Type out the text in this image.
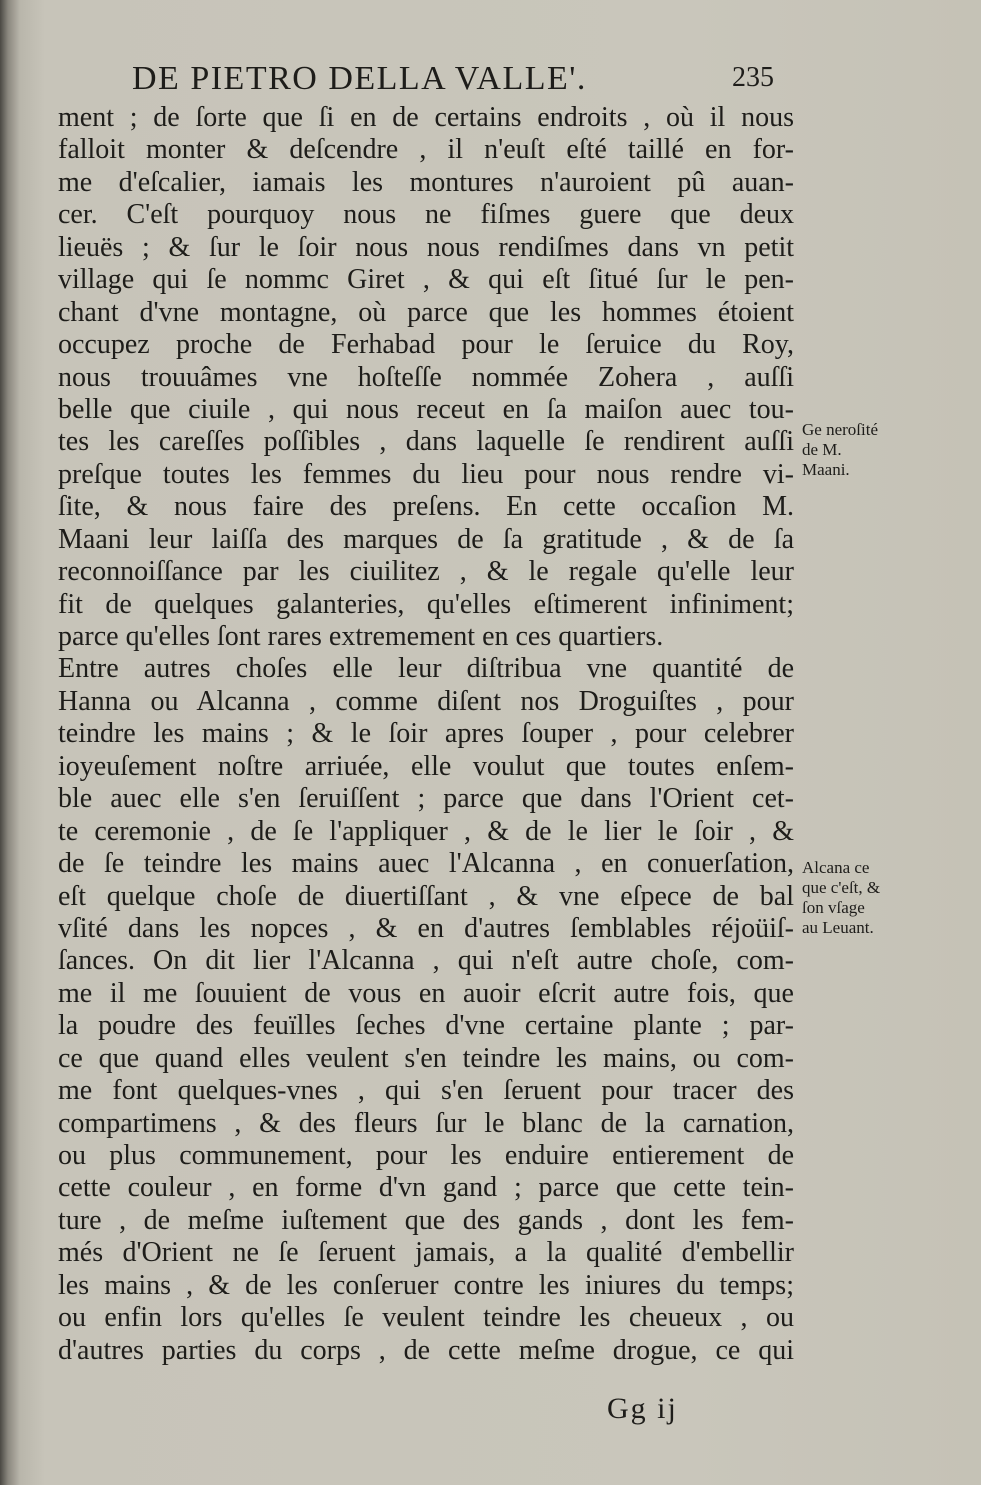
DE PIETRO DELLA VALLE'.	235
ment ; de ſorte que ſi en de certains endroits , où il nous
falloit monter & deſcendre , il n'euſt eſté taillé en for-
me d'eſcalier, iamais les montures n'auroient pû auan-
cer. C'eſt pourquoy nous ne fiſmes guere que deux
lieuës ; & ſur le ſoir nous nous rendiſmes dans vn petit
village qui ſe nommc Giret , & qui eſt ſitué ſur le pen-
chant d'vne montagne, où parce que les hommes étoient
occupez proche de Ferhabad pour le ſeruice du Roy,
nous trouuâmes vne hoſteſſe nommée Zohera , auſſi
belle que ciuile , qui nous receut en ſa maiſon auec tou-
tes les careſſes poſſibles , dans laquelle ſe rendirent auſſi
preſque toutes les femmes du lieu pour nous rendre vi-
ſite, & nous faire des preſens. En cette occaſion M.
Maani leur laiſſa des marques de ſa gratitude , & de ſa
reconnoiſſance par les ciuilitez , & le regale qu'elle leur
fit de quelques galanteries, qu'elles eſtimerent infiniment;
parce qu'elles ſont rares extremement en ces quartiers.
Entre autres choſes elle leur diſtribua vne quantité de
Hanna ou Alcanna , comme diſent nos Droguiſtes , pour
teindre les mains ; & le ſoir apres ſouper , pour celebrer
ioyeuſement noſtre arriuée, elle voulut que toutes enſem-
ble auec elle s'en ſeruiſſent ; parce que dans l'Orient cet-
te ceremonie , de ſe l'appliquer , & de le lier le ſoir , &
de ſe teindre les mains auec l'Alcanna , en conuerſation,
eſt quelque choſe de diuertiſſant , & vne eſpece de bal
vſité dans les nopces , & en d'autres ſemblables réjoüiſ-
ſances. On dit lier l'Alcanna , qui n'eſt autre choſe, com-
me il me ſouuient de vous en auoir eſcrit autre fois, que
la poudre des feuïlles ſeches d'vne certaine plante ; par-
ce que quand elles veulent s'en teindre les mains, ou com-
me font quelques-vnes , qui s'en ſeruent pour tracer des
compartimens , & des fleurs ſur le blanc de la carnation,
ou plus communement, pour les enduire entierement de
cette couleur , en forme d'vn gand ; parce que cette tein-
ture , de meſme iuſtement que des gands , dont les fem-
més d'Orient ne ſe ſeruent jamais, a la qualité d'embellir
les mains , & de les conſeruer contre les iniures du temps;
ou enfin lors qu'elles ſe veulent teindre les cheueux , ou
d'autres parties du corps , de cette meſme drogue, ce qui
Ge neroſité
de M.
Maani.
Alcana ce
que c'eſt, &
ſon vſage
au Leuant.
Gg ij
